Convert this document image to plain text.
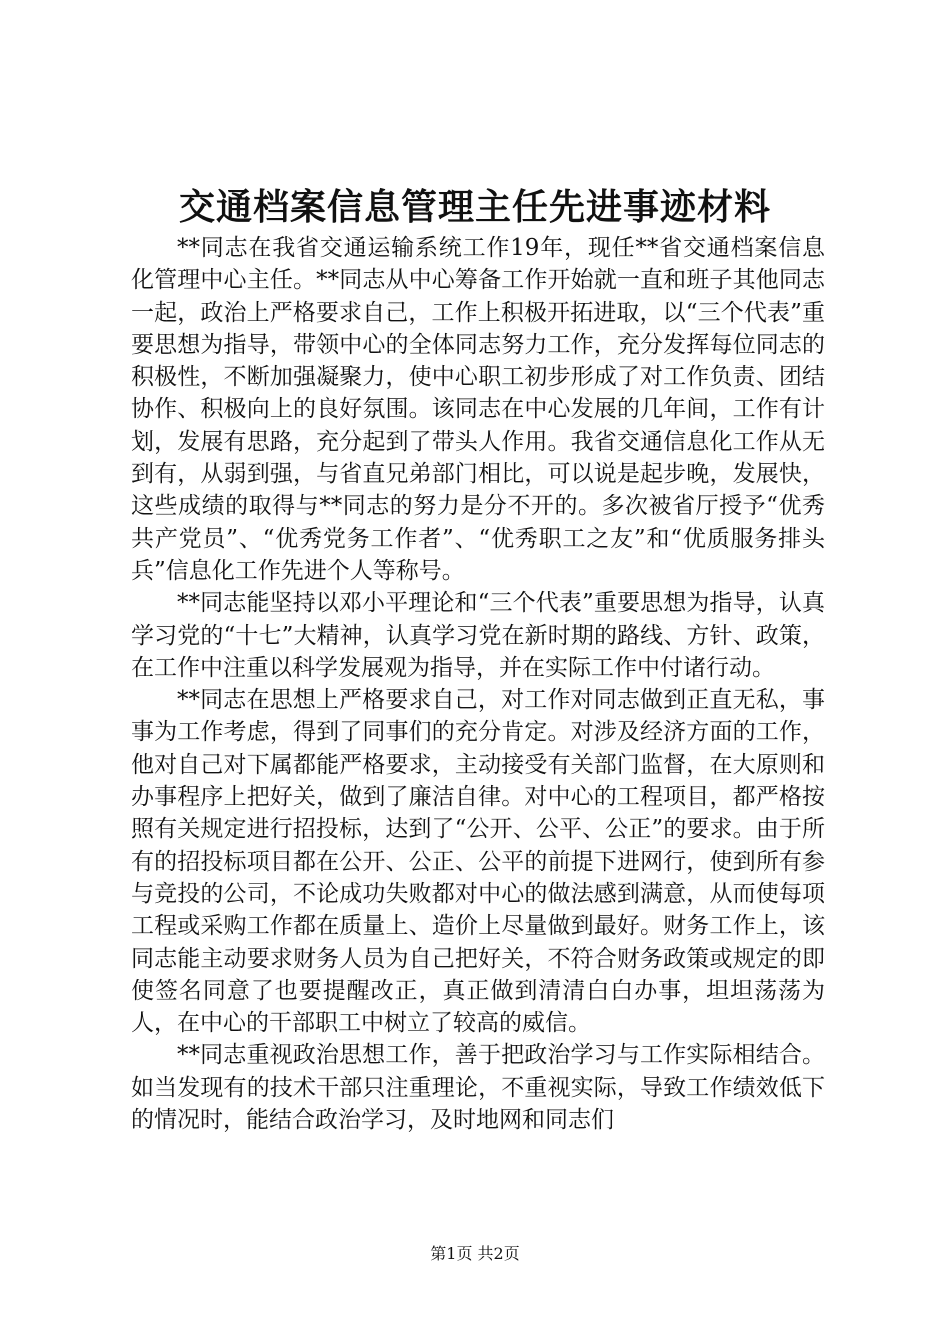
交通档案信息管理主任先进事迹材料

**同志在我省交通运输系统工作19年，现任**省交通档案信息化管理中心主任。**同志从中心筹备工作开始就一直和班子其他同志一起，政治上严格要求自己，工作上积极开拓进取，以“三个代表”重要思想为指导，带领中心的全体同志努力工作，充分发挥每位同志的积极性，不断加强凝聚力，使中心职工初步形成了对工作负责、团结协作、积极向上的良好氛围。该同志在中心发展的几年间，工作有计划，发展有思路，充分起到了带头人作用。我省交通信息化工作从无到有，从弱到强，与省直兄弟部门相比，可以说是起步晚，发展快，这些成绩的取得与**同志的努力是分不开的。多次被省厅授予“优秀共产党员”、“优秀党务工作者”、“优秀职工之友”和“优质服务排头兵”信息化工作先进个人等称号。

**同志能坚持以邓小平理论和“三个代表”重要思想为指导，认真学习党的“十七”大精神，认真学习党在新时期的路线、方针、政策，在工作中注重以科学发展观为指导，并在实际工作中付诸行动。

**同志在思想上严格要求自己，对工作对同志做到正直无私，事事为工作考虑，得到了同事们的充分肯定。对涉及经济方面的工作，他对自己对下属都能严格要求，主动接受有关部门监督，在大原则和办事程序上把好关，做到了廉洁自律。对中心的工程项目，都严格按照有关规定进行招投标，达到了“公开、公平、公正”的要求。由于所有的招投标项目都在公开、公正、公平的前提下进网行，使到所有参与竞投的公司，不论成功失败都对中心的做法感到满意，从而使每项工程或采购工作都在质量上、造价上尽量做到最好。财务工作上，该同志能主动要求财务人员为自己把好关，不符合财务政策或规定的即使签名同意了也要提醒改正，真正做到清清白白办事，坦坦荡荡为人，在中心的干部职工中树立了较高的威信。

**同志重视政治思想工作，善于把政治学习与工作实际相结合。如当发现有的技术干部只注重理论，不重视实际，导致工作绩效低下的情况时，能结合政治学习，及时地网和同志们

第1页 共2页
